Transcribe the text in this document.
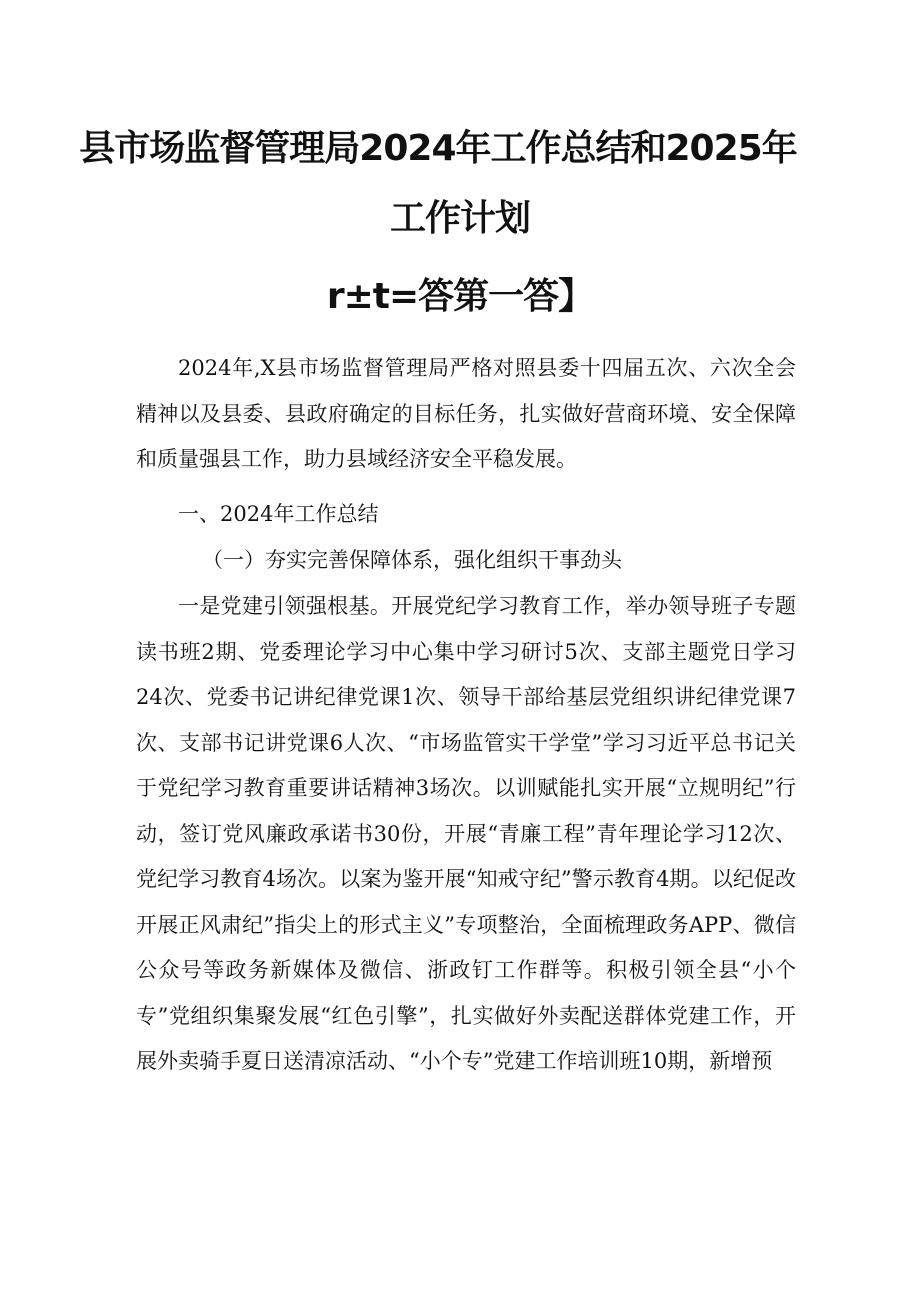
县市场监督管理局2024年工作总结和2025年
工作计划
r±t=答第一答】
2024年,X县市场监督管理局严格对照县委十四届五次、六次全会精神以及县委、县政府确定的目标任务，扎实做好营商环境、安全保障和质量强县工作，助力县域经济安全平稳发展。
一、2024年工作总结
（一）夯实完善保障体系，强化组织干事劲头
一是党建引领强根基。开展党纪学习教育工作，举办领导班子专题读书班2期、党委理论学习中心集中学习研讨5次、支部主题党日学习24次、党委书记讲纪律党课1次、领导干部给基层党组织讲纪律党课7次、支部书记讲党课6人次、“市场监管实干学堂”学习习近平总书记关于党纪学习教育重要讲话精神3场次。以训赋能扎实开展“立规明纪”行动，签订党风廉政承诺书30份，开展“青廉工程”青年理论学习12次、党纪学习教育4场次。以案为鉴开展“知戒守纪”警示教育4期。以纪促改开展正风肃纪”指尖上的形式主义”专项整治，全面梳理政务APP、微信公众号等政务新媒体及微信、浙政钉工作群等。积极引领全县“小个专”党组织集聚发展“红色引擎”，扎实做好外卖配送群体党建工作，开展外卖骑手夏日送清凉活动、“小个专”党建工作培训班10期，新增预
